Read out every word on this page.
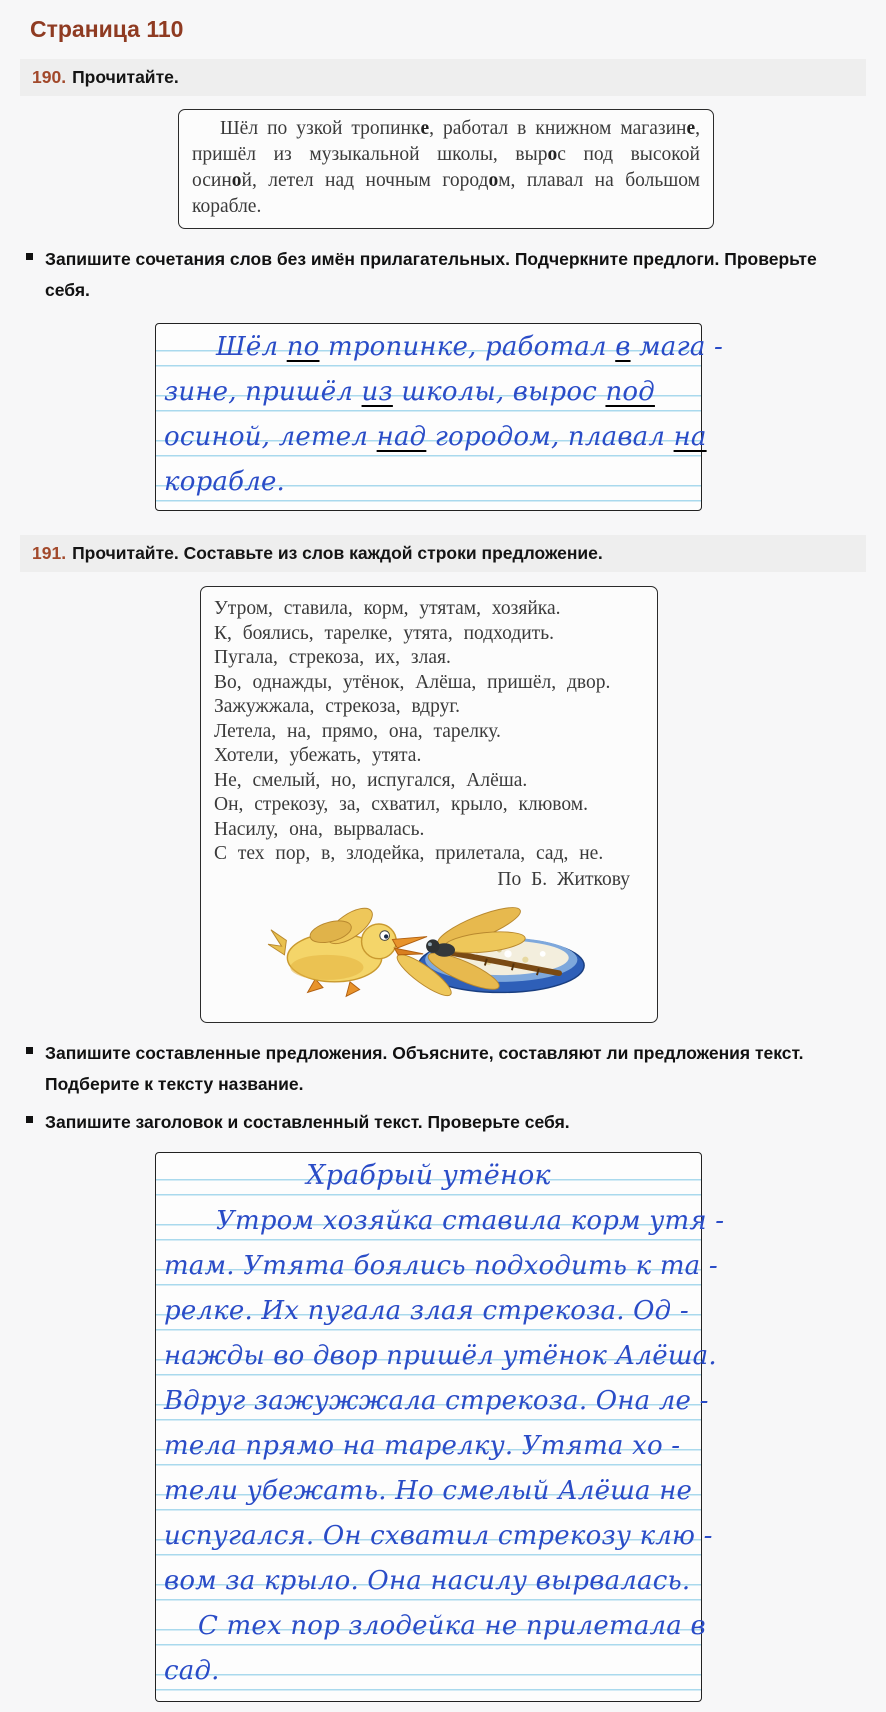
Страница 110
190. Прочитайте.
Шёл по узкой тропинке, работал в книжном магазине, пришёл из музыкальной школы, вырос под высокой осиной, летел над ночным городом, плавал на большом корабле.
Запишите сочетания слов без имён прилагательных. Подчеркните предлоги. Проверьте себя.
Шёл по тропинке, работал в мага -
зине, пришёл из школы, вырос под
осиной, летел над городом, плавал на
корабле.
191. Прочитайте. Составьте из слов каждой строки предложение.
Утром, ставила, корм, утятам, хозяйка.
К, боялись, тарелке, утята, подходить.
Пугала, стрекоза, их, злая.
Во, однажды, утёнок, Алёша, пришёл, двор.
Зажужжала, стрекоза, вдруг.
Летела, на, прямо, она, тарелку.
Хотели, убежать, утята.
Не, смелый, но, испугался, Алёша.
Он, стрекозу, за, схватил, крыло, клювом.
Насилу, она, вырвалась.
С тех пор, в, злодейка, прилетала, сад, не.
По Б. Житкову
Запишите составленные предложения. Объясните, составляют ли предложения текст. Подберите к тексту название.
Запишите заголовок и составленный текст. Проверьте себя.
Храбрый утёнок
Утром хозяйка ставила корм утя -
там. Утята боялись подходить к та -
релке. Их пугала злая стрекоза. Од -
нажды во двор пришёл утёнок Алёша.
Вдруг зажужжала стрекоза. Она ле -
тела прямо на тарелку. Утята хо -
тели убежать. Но смелый Алёша не
испугался. Он схватил стрекозу клю -
вом за крыло. Она насилу вырвалась.
С тех пор злодейка не прилетала в
сад.
